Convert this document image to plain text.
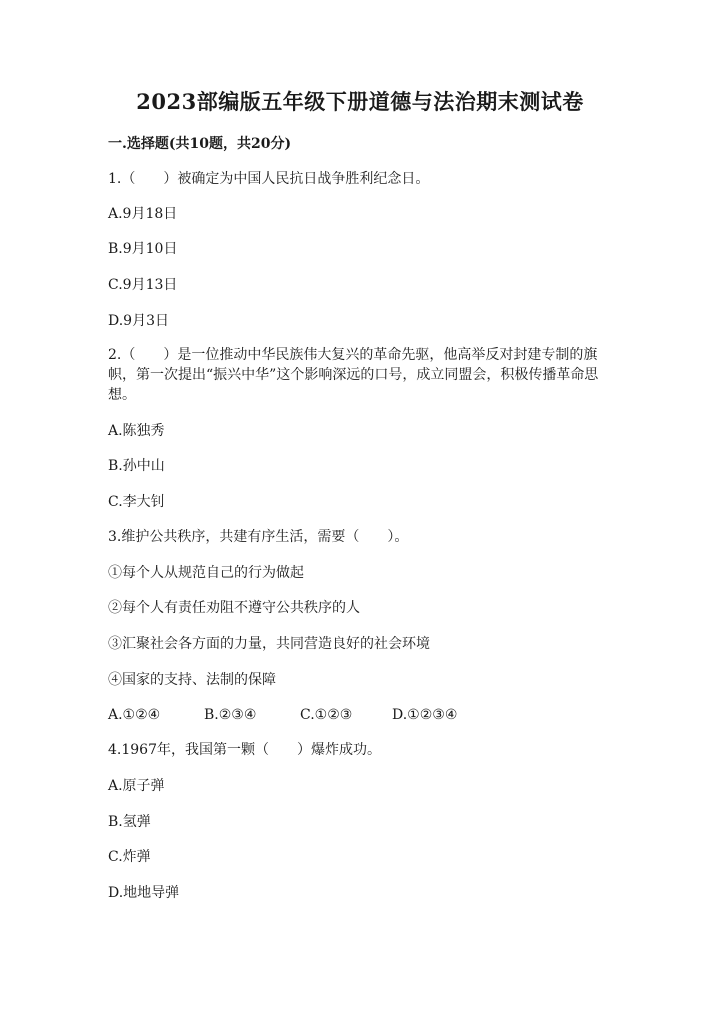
2023部编版五年级下册道德与法治期末测试卷
一.选择题(共10题，共20分)
1.（　　）被确定为中国人民抗日战争胜利纪念日。
A.9月18日
B.9月10日
C.9月13日
D.9月3日
2.（　　）是一位推动中华民族伟大复兴的革命先驱，他高举反对封建专制的旗帜，第一次提出“振兴中华”这个影响深远的口号，成立同盟会，积极传播革命思想。
A.陈独秀
B.孙中山
C.李大钊
3.维护公共秩序，共建有序生活，需要（　　）。
①每个人从规范自己的行为做起
②每个人有责任劝阻不遵守公共秩序的人
③汇聚社会各方面的力量，共同营造良好的社会环境
④国家的支持、法制的保障
A.①②④	B.②③④	C.①②③	D.①②③④
4.1967年，我国第一颗（　　）爆炸成功。
A.原子弹
B.氢弹
C.炸弹
D.地地导弹
